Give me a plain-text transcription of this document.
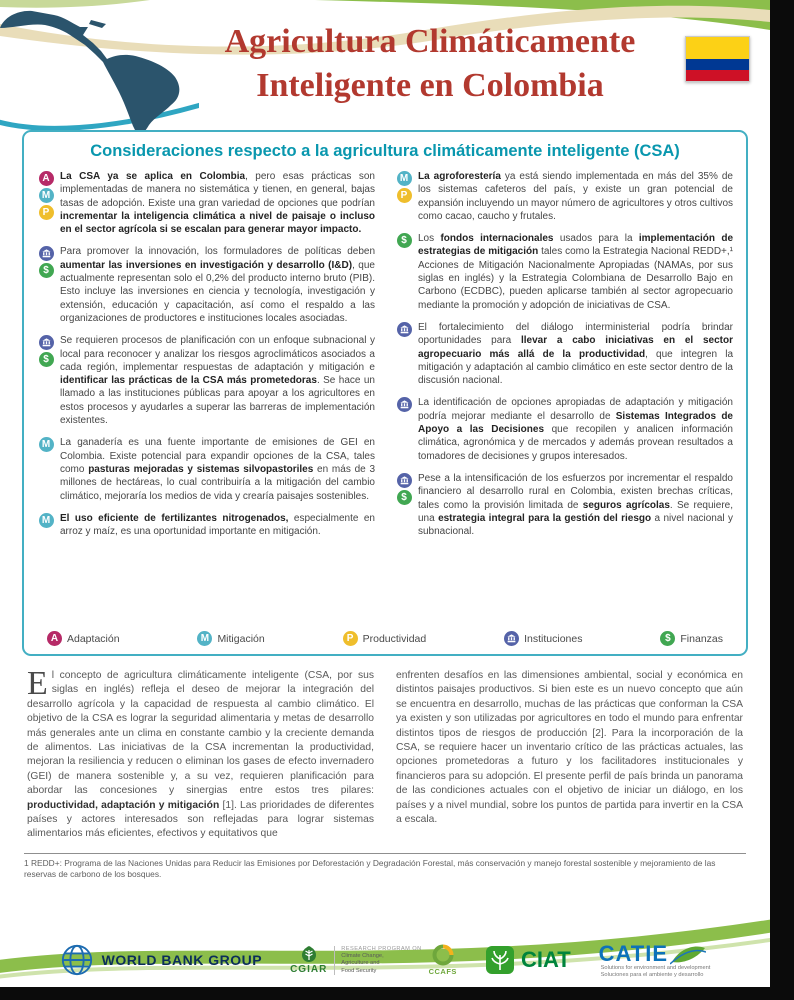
Agricultura Climáticamente
Inteligente en Colombia
Consideraciones respecto a la agricultura climáticamente inteligente (CSA)
A
M
P
La CSA ya se aplica en Colombia, pero esas prácticas son implementadas de manera no sistemática y tienen, en general, bajas tasas de adopción. Existe una gran variedad de opciones que podrían incrementar la inteligencia climática a nivel de paisaje o incluso en el sector agrícola si se escalan para generar mayor impacto.
$
Para promover la innovación, los formuladores de políticas deben aumentar las inversiones en investigación y desarrollo (I&D), que actualmente representan solo el 0,2% del producto interno bruto (PIB). Esto incluye las inversiones en ciencia y tecnología, investigación y extensión, educación y capacitación, así como el respaldo a las organizaciones de productores e instituciones locales asociadas.
$
Se requieren procesos de planificación con un enfoque subnacional y local para reconocer y analizar los riesgos agroclimáticos asociados a cada región, implementar respuestas de adaptación y mitigación e identificar las prácticas de la CSA más prometedoras. Se hace un llamado a las instituciones públicas para apoyar a los agricultores en estos procesos y ayudarles a superar las barreras de implementación existentes.
M La ganadería es una fuente importante de emisiones de GEI en Colombia. Existe potencial para expandir opciones de la CSA, tales como pasturas mejoradas y sistemas silvopastoriles en más de 3 millones de hectáreas, lo cual contribuiría a la mitigación del cambio climático, mejoraría los medios de vida y crearía paisajes sostenibles.
M El uso eficiente de fertilizantes nitrogenados, especialmente en arroz y maíz, es una oportunidad importante en mitigación.
M
P
La agroforestería ya está siendo implementada en más del 35% de los sistemas cafeteros del país, y existe un gran potencial de expansión incluyendo un mayor número de agricultores y otros cultivos como cacao, caucho y frutales.
$	Los fondos internacionales usados para la implementación de estrategias de mitigación tales como la Estrategia Nacional REDD+,¹ Acciones de Mitigación Nacionalmente Apropiadas (NAMAs, por sus siglas en inglés) y la Estrategia Colombiana de Desarrollo Bajo en Carbono (ECDBC), pueden aplicarse también al sector agropecuario mediante la promoción y adopción de iniciativas de CSA.
El fortalecimiento del diálogo interministerial podría brindar oportunidades para llevar a cabo iniciativas en el sector agropecuario más allá de la productividad, que integren la mitigación y adaptación al cambio climático en este sector dentro de la discusión nacional.
La identificación de opciones apropiadas de adaptación y mitigación podría mejorar mediante el desarrollo de Sistemas Integrados de Apoyo a las Decisiones que recopilen y analicen información climática, agronómica y de mercados y además provean resultados a tomadores de decisiones y grupos interesados.
$
Pese a la intensificación de los esfuerzos por incrementar el respaldo financiero al desarrollo rural en Colombia, existen brechas críticas, tales como la provisión limitada de seguros agrícolas. Se requiere, una estrategia integral para la gestión del riesgo a nivel nacional y subnacional.
A Adaptación	M Mitigación	P Productividad	Instituciones	$ Finanzas

El concepto de agricultura climáticamente inteligente (CSA, por sus siglas en inglés) refleja el deseo de mejorar la integración del desarrollo agrícola y la capacidad de respuesta al cambio climático. El objetivo de la CSA es lograr la seguridad alimentaria y metas de desarrollo más generales ante un clima en constante cambio y la creciente demanda de alimentos. Las iniciativas de la CSA incrementan la productividad, mejoran la resiliencia y reducen o eliminan los gases de efecto invernadero (GEI) de manera sostenible y, a su vez, requieren planificación para abordar las concesiones y sinergias entre estos tres pilares: productividad, adaptación y mitigación [1]. Las prioridades de diferentes países y actores interesados son reflejadas para lograr sistemas alimentarios más eficientes, efectivos y equitativos que

enfrenten desafíos en las dimensiones ambiental, social y económica en distintos paisajes productivos. Si bien este es un nuevo concepto que aún se encuentra en desarrollo, muchas de las prácticas que conforman la CSA ya existen y son utilizadas por agricultores en todo el mundo para enfrentar distintos tipos de riesgos de producción [2]. Para la incorporación de la CSA, se requiere hacer un inventario crítico de las prácticas actuales, las opciones prometedoras a futuro y los facilitadores institucionales y financieros para su adopción. El presente perfil de país brinda un panorama de las condiciones actuales con el objetivo de iniciar un diálogo, en los países y a nivel mundial, sobre los puntos de partida para invertir en la CSA a escala.

1 REDD+: Programa de las Naciones Unidas para Reducir las Emisiones por Deforestación y Degradación Forestal, más conservación y manejo forestal sostenible y mejoramiento de las reservas de carbono de los bosques.
WORLD BANK GROUP
CGIAR
RESEARCH PROGRAM ON
Climate Change,
Agriculture and
Food Security	CCAFS	CIAT CATIE
Solutions for environment and development
Soluciones para el ambiente y desarrollo
